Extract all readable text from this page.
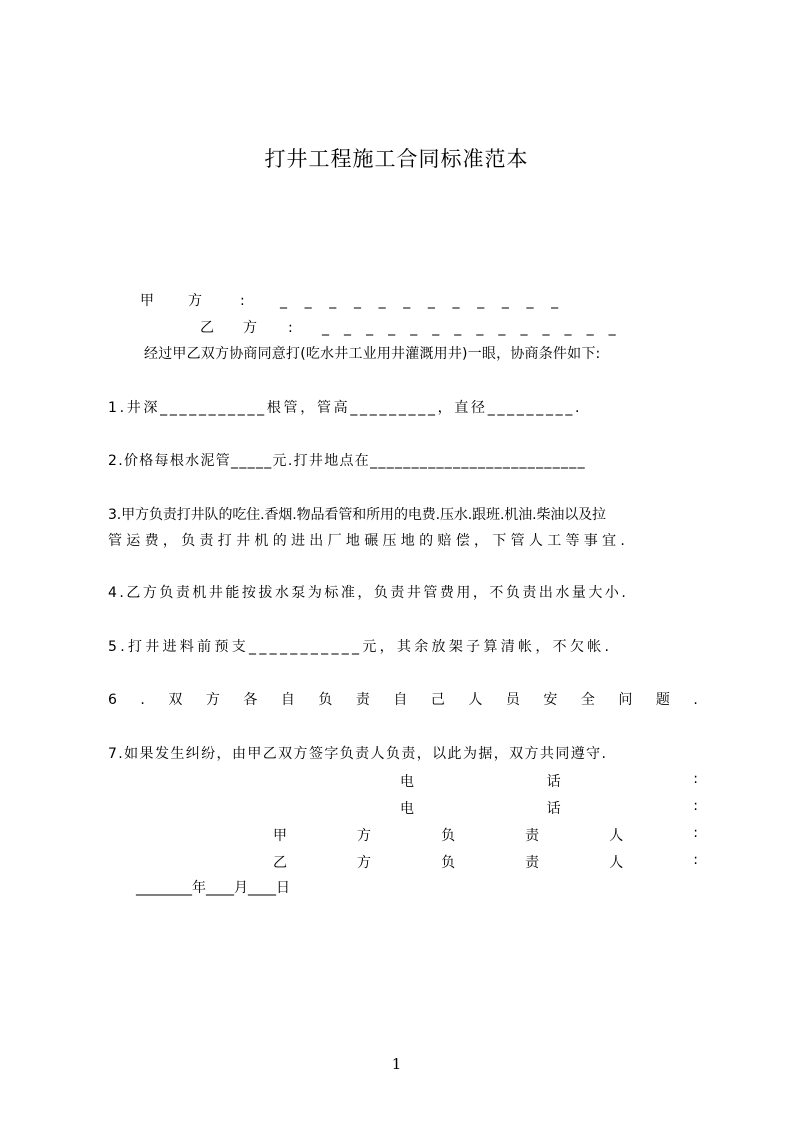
打井工程施工合同标准范本
甲 方	:	_ _ _ _ _ _ _ _ _ _ _ _
乙 方 : _ _ _ _ _ _ _ _ _ _ _ _ _ _
经过甲乙双方协商同意打(吃水井工业用井灌溉用井)一眼，协商条件如下:
1.井深___________根管，管高_________，直径_________.
2.价格每根水泥管_____元.打井地点在__________________________
3.甲方负责打井队的吃住.香烟.物品看管和所用的电费.压水.跟班.机油.柴油以及拉
管运费，负责打井机的进出厂地碾压地的赔偿，下管人工等事宜.
4.乙方负责机井能按拔水泵为标准，负责井管费用，不负责出水量大小.
5.打井进料前预支___________元，其余放架子算清帐，不欠帐.
6 . 双 方 各 自 负 责 自 己 人 员 安 全 问 题 .
7.如果发生纠纷，由甲乙双方签字负责人负责，以此为据，双方共同遵守.
电	话	:
电	话	:
甲	方	负	责	人	:
乙	方	负	责	人	:
________年____月____日
1
